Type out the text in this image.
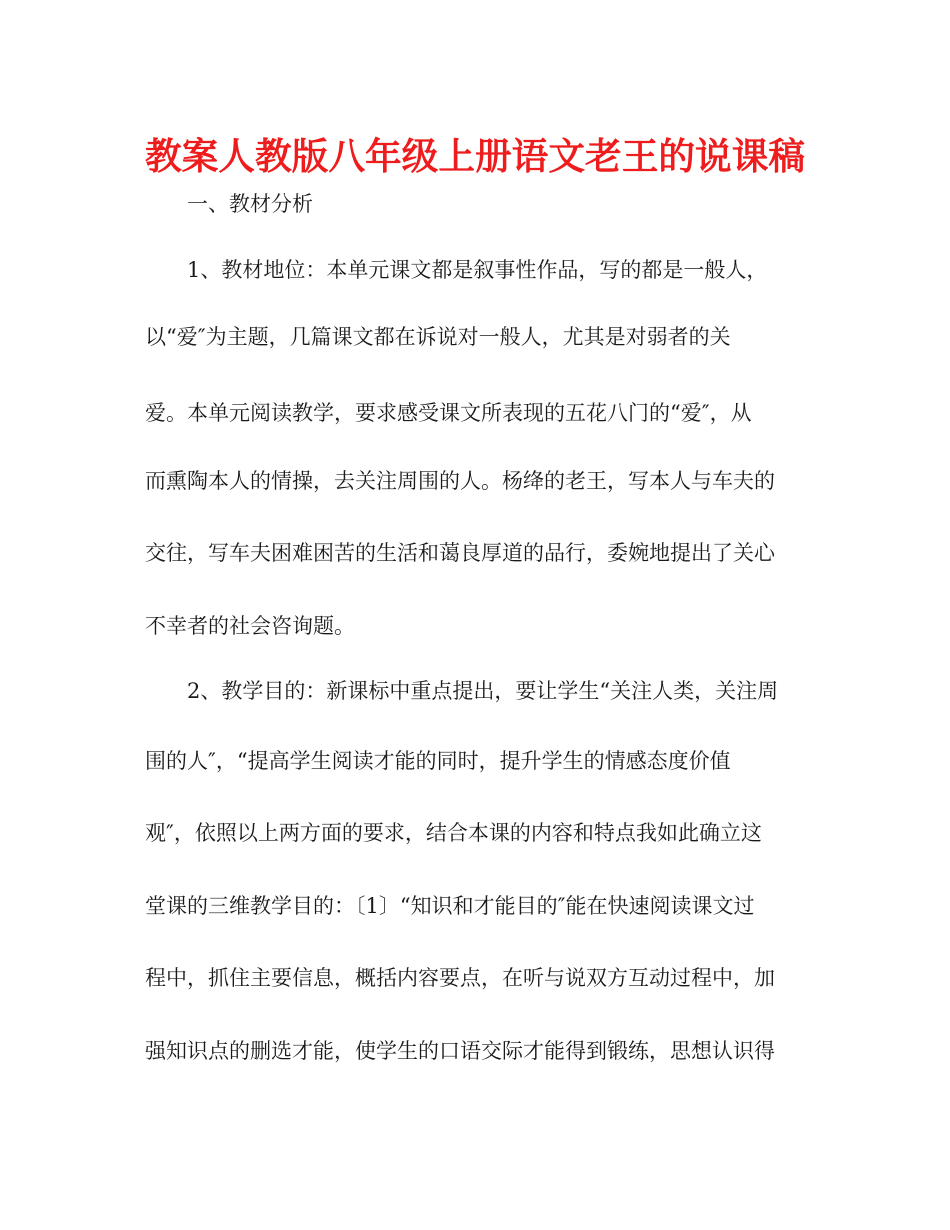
教案人教版八年级上册语文老王的说课稿
　　一、教材分析
　　1、教材地位：本单元课文都是叙事性作品，写的都是一般人，
以“爱″为主题，几篇课文都在诉说对一般人，尤其是对弱者的关
爱。本单元阅读教学，要求感受课文所表现的五花八门的“爱″，从
而熏陶本人的情操，去关注周围的人。杨绛的老王，写本人与车夫的
交往，写车夫困难困苦的生活和蔼良厚道的品行，委婉地提出了关心
不幸者的社会咨询题。
　　2、教学目的：新课标中重点提出，要让学生“关注人类，关注周
围的人″，“提高学生阅读才能的同时，提升学生的情感态度价值
观″，依照以上两方面的要求，结合本课的内容和特点我如此确立这
堂课的三维教学目的：〔1〕“知识和才能目的″能在快速阅读课文过
程中，抓住主要信息，概括内容要点，在听与说双方互动过程中，加
强知识点的删选才能，使学生的口语交际才能得到锻练，思想认识得
